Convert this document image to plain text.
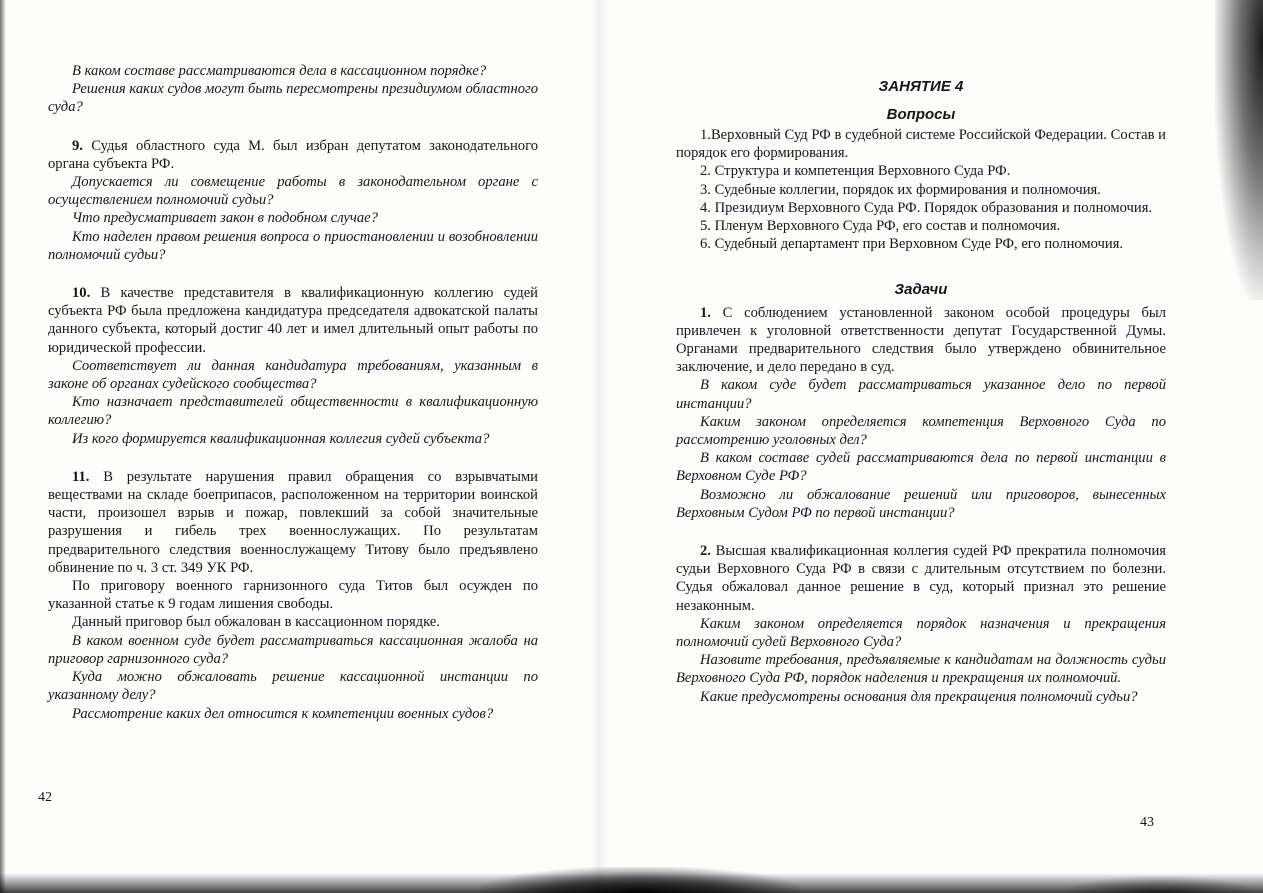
В каком составе рассматриваются дела в кассационном порядке?

Решения каких судов могут быть пересмотрены президиумом областного суда?

9. Судья областного суда М. был избран депутатом законодательного органа субъекта РФ.

Допускается ли совмещение работы в законодательном органе с осуществлением полномочий судьи?

Что предусматривает закон в подобном случае?

Кто наделен правом решения вопроса о приостановлении и возобновлении полномочий судьи?

10. В качестве представителя в квалификационную коллегию судей субъекта РФ была предложена кандидатура председателя адвокатской палаты данного субъекта, который достиг 40 лет и имел длительный опыт работы по юридической профессии.

Соответствует ли данная кандидатура требованиям, указанным в законе об органах судейского сообщества?

Кто назначает представителей общественности в квалификационную коллегию?

Из кого формируется квалификационная коллегия судей субъекта?

11. В результате нарушения правил обращения со взрывчатыми веществами на складе боеприпасов, расположенном на территории воинской части, произошел взрыв и пожар, повлекший за собой значительные разрушения и гибель трех военнослужащих. По результатам предварительного следствия военнослужащему Титову было предъявлено обвинение по ч. 3 ст. 349 УК РФ.

По приговору военного гарнизонного суда Титов был осужден по указанной статье к 9 годам лишения свободы.

Данный приговор был обжалован в кассационном порядке.

В каком военном суде будет рассматриваться кассационная жалоба на приговор гарнизонного суда?

Куда можно обжаловать решение кассационной инстанции по указанному делу?

Рассмотрение каких дел относится к компетенции военных судов?

42
ЗАНЯТИЕ 4
Вопросы

1.Верховный Суд РФ в судебной системе Российской Федерации. Состав и порядок его формирования.

2. Структура и компетенция Верховного Суда РФ.

3. Судебные коллегии, порядок их формирования и полномочия.

4. Президиум Верховного Суда РФ. Порядок образования и полномочия.

5. Пленум Верховного Суда РФ, его состав и полномочия.

6. Судебный департамент при Верховном Суде РФ, его полномочия.

Задачи

1. С соблюдением установленной законом особой процедуры был привлечен к уголовной ответственности депутат Государственной Думы. Органами предварительного следствия было утверждено обвинительное заключение, и дело передано в суд.

В каком суде будет рассматриваться указанное дело по первой инстанции?

Каким законом определяется компетенция Верховного Суда по рассмотрению уголовных дел?

В каком составе судей рассматриваются дела по первой инстанции в Верховном Суде РФ?

Возможно ли обжалование решений или приговоров, вынесенных Верховным Судом РФ по первой инстанции?

2. Высшая квалификационная коллегия судей РФ прекратила полномочия судьи Верховного Суда РФ в связи с длительным отсутствием по болезни. Судья обжаловал данное решение в суд, который признал это решение незаконным.

Каким законом определяется порядок назначения и прекращения полномочий судей Верховного Суда?

Назовите требования, предъявляемые к кандидатам на должность судьи Верховного Суда РФ, порядок наделения и прекращения их полномочий.

Какие предусмотрены основания для прекращения полномочий судьи?

43
